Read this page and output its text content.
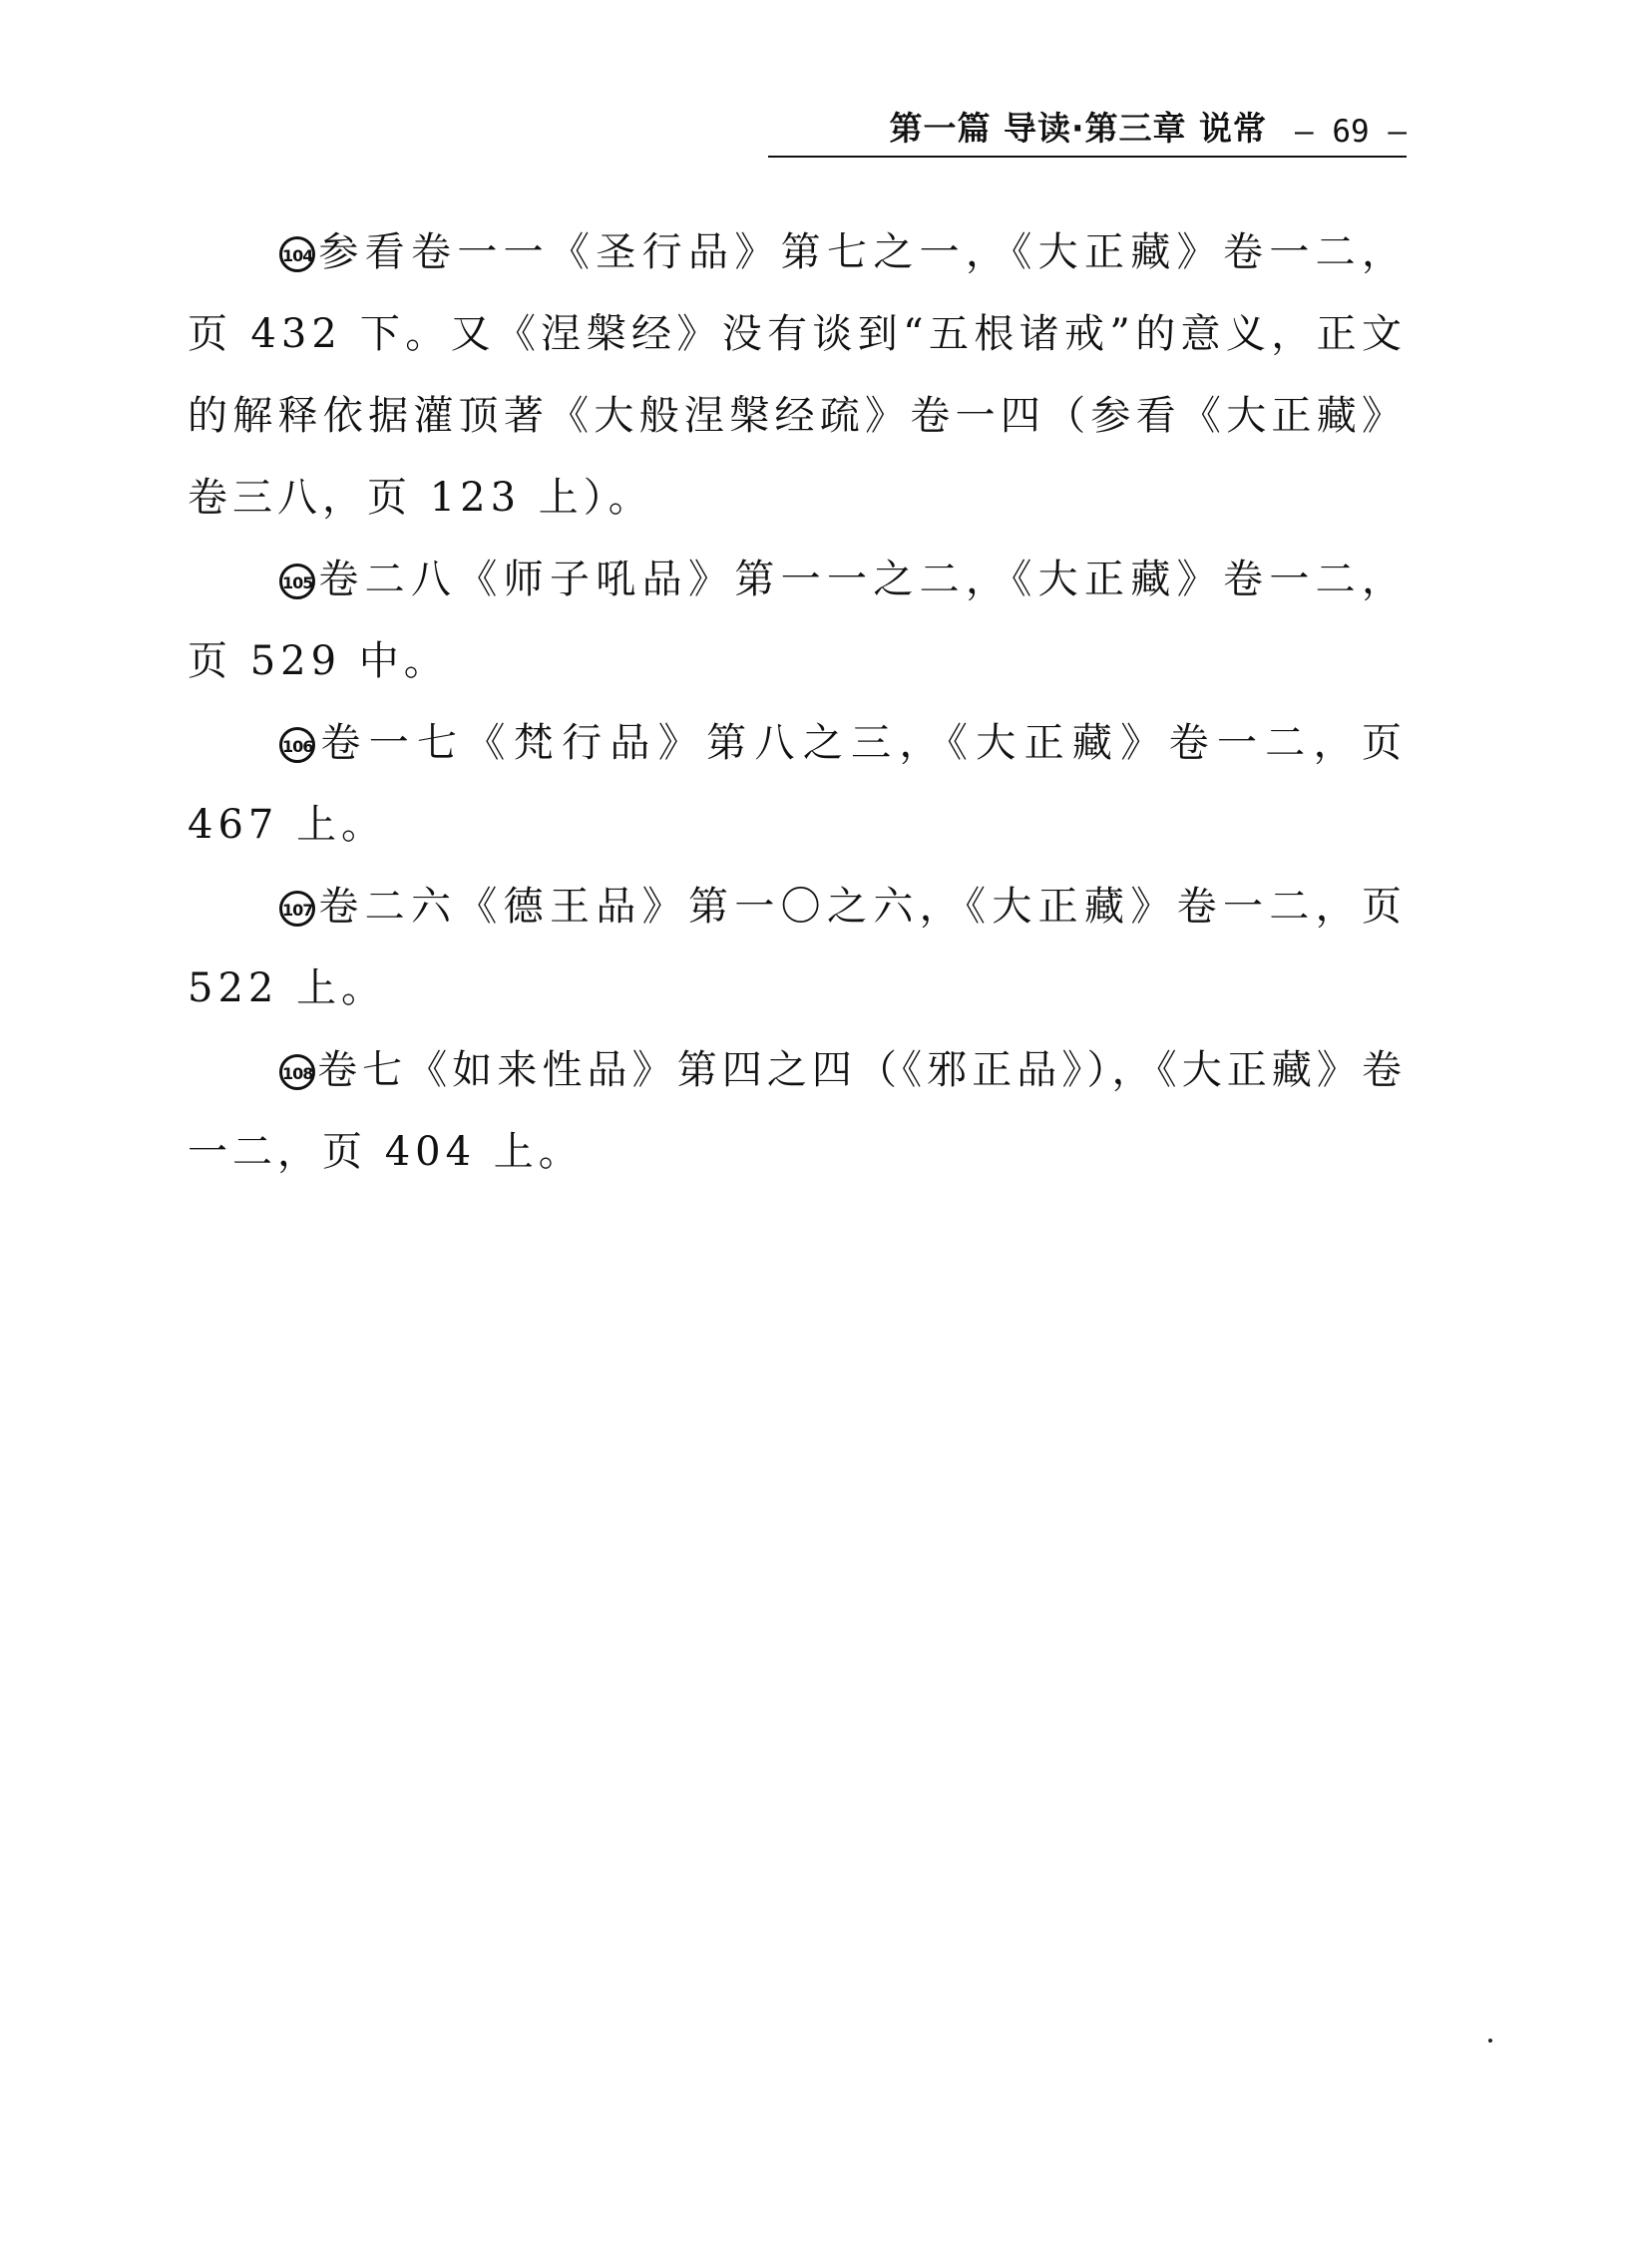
第一篇 导读·第三章 说常 — 69 —

104 参看卷一一《圣行品》第七之一，《大正藏》卷一二，页 432 下。又《涅槃经》没有谈到“五根诸戒”的意义，正文的解释依据灌顶著《大般涅槃经疏》卷一四（参看《大正藏》卷三八，页 123 上）。

105 卷二八《师子吼品》第一一之二，《大正藏》卷一二，页 529 中。

106 卷一七《梵行品》第八之三，《大正藏》卷一二，页 467 上。

107 卷二六《德王品》第一〇之六，《大正藏》卷一二，页 522 上。

108 卷七《如来性品》第四之四（《邪正品》），《大正藏》卷一二，页 404 上。
